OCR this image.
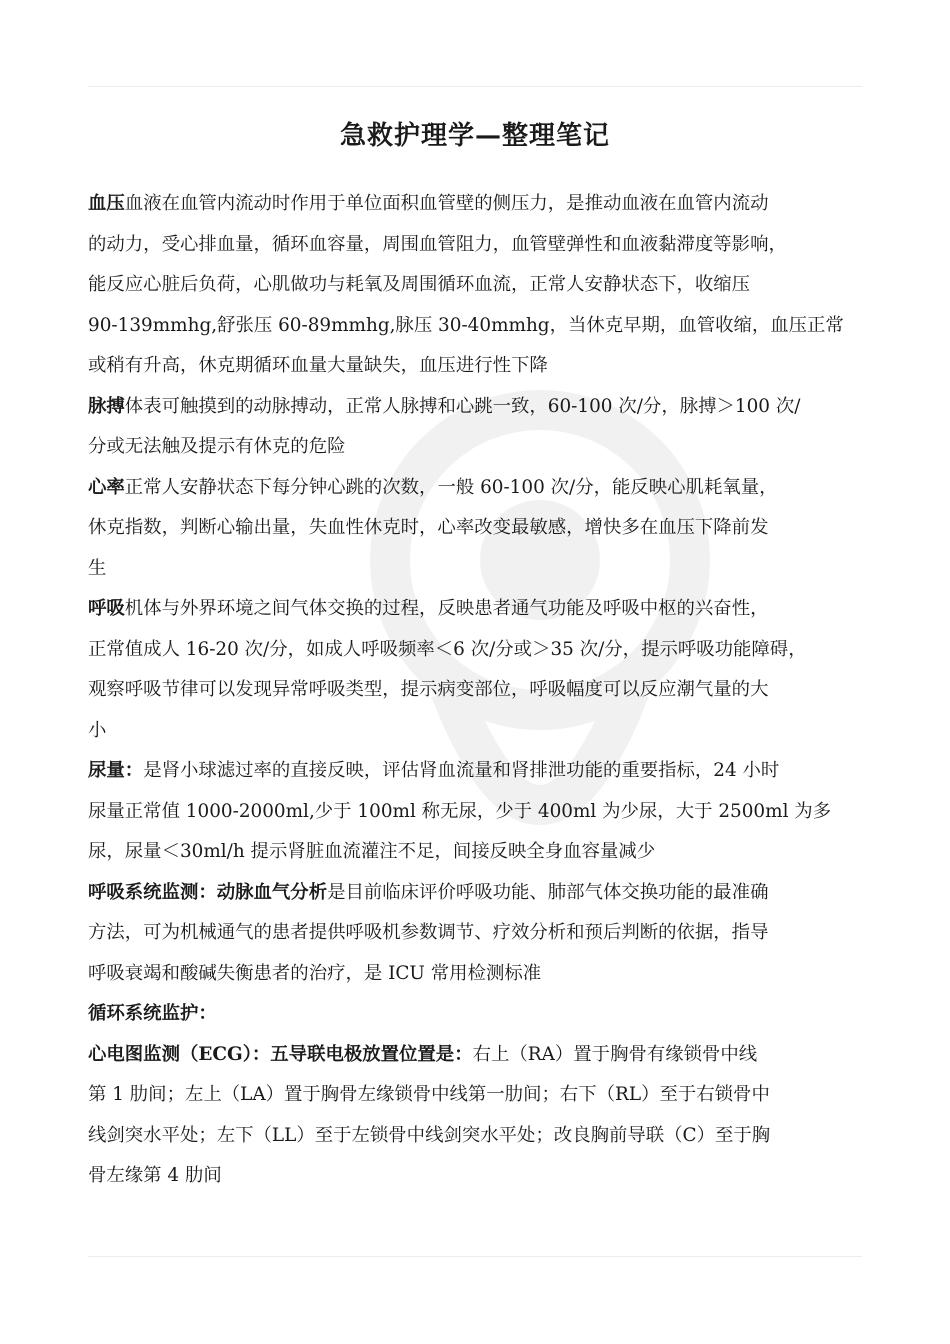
急救护理学—整理笔记

血压血液在血管内流动时作用于单位面积血管壁的侧压力，是推动血液在血管内流动
的动力，受心排血量，循环血容量，周围血管阻力，血管壁弹性和血液黏滞度等影响，
能反应心脏后负荷，心肌做功与耗氧及周围循环血流，正常人安静状态下，收缩压
90-139mmhg,舒张压 60-89mmhg,脉压 30-40mmhg，当休克早期，血管收缩，血压正常
或稍有升高，休克期循环血量大量缺失，血压进行性下降

脉搏体表可触摸到的动脉搏动，正常人脉搏和心跳一致，60-100 次/分，脉搏＞100 次/
分或无法触及提示有休克的危险

心率正常人安静状态下每分钟心跳的次数，一般 60-100 次/分，能反映心肌耗氧量，
休克指数，判断心输出量，失血性休克时，心率改变最敏感，增快多在血压下降前发
生

呼吸机体与外界环境之间气体交换的过程，反映患者通气功能及呼吸中枢的兴奋性，
正常值成人 16-20 次/分，如成人呼吸频率＜6 次/分或＞35 次/分，提示呼吸功能障碍，
观察呼吸节律可以发现异常呼吸类型，提示病变部位，呼吸幅度可以反应潮气量的大
小

尿量：是肾小球滤过率的直接反映，评估肾血流量和肾排泄功能的重要指标，24 小时
尿量正常值 1000-2000ml,少于 100ml 称无尿，少于 400ml 为少尿，大于 2500ml 为多
尿，尿量＜30ml/h 提示肾脏血流灌注不足，间接反映全身血容量减少

呼吸系统监测：动脉血气分析是目前临床评价呼吸功能、肺部气体交换功能的最准确
方法，可为机械通气的患者提供呼吸机参数调节、疗效分析和预后判断的依据，指导
呼吸衰竭和酸碱失衡患者的治疗，是 ICU 常用检测标准

循环系统监护：

心电图监测（ECG）：五导联电极放置位置是：右上（RA）置于胸骨有缘锁骨中线
第 1 肋间；左上（LA）置于胸骨左缘锁骨中线第一肋间；右下（RL）至于右锁骨中
线剑突水平处；左下（LL）至于左锁骨中线剑突水平处；改良胸前导联（C）至于胸
骨左缘第 4 肋间
